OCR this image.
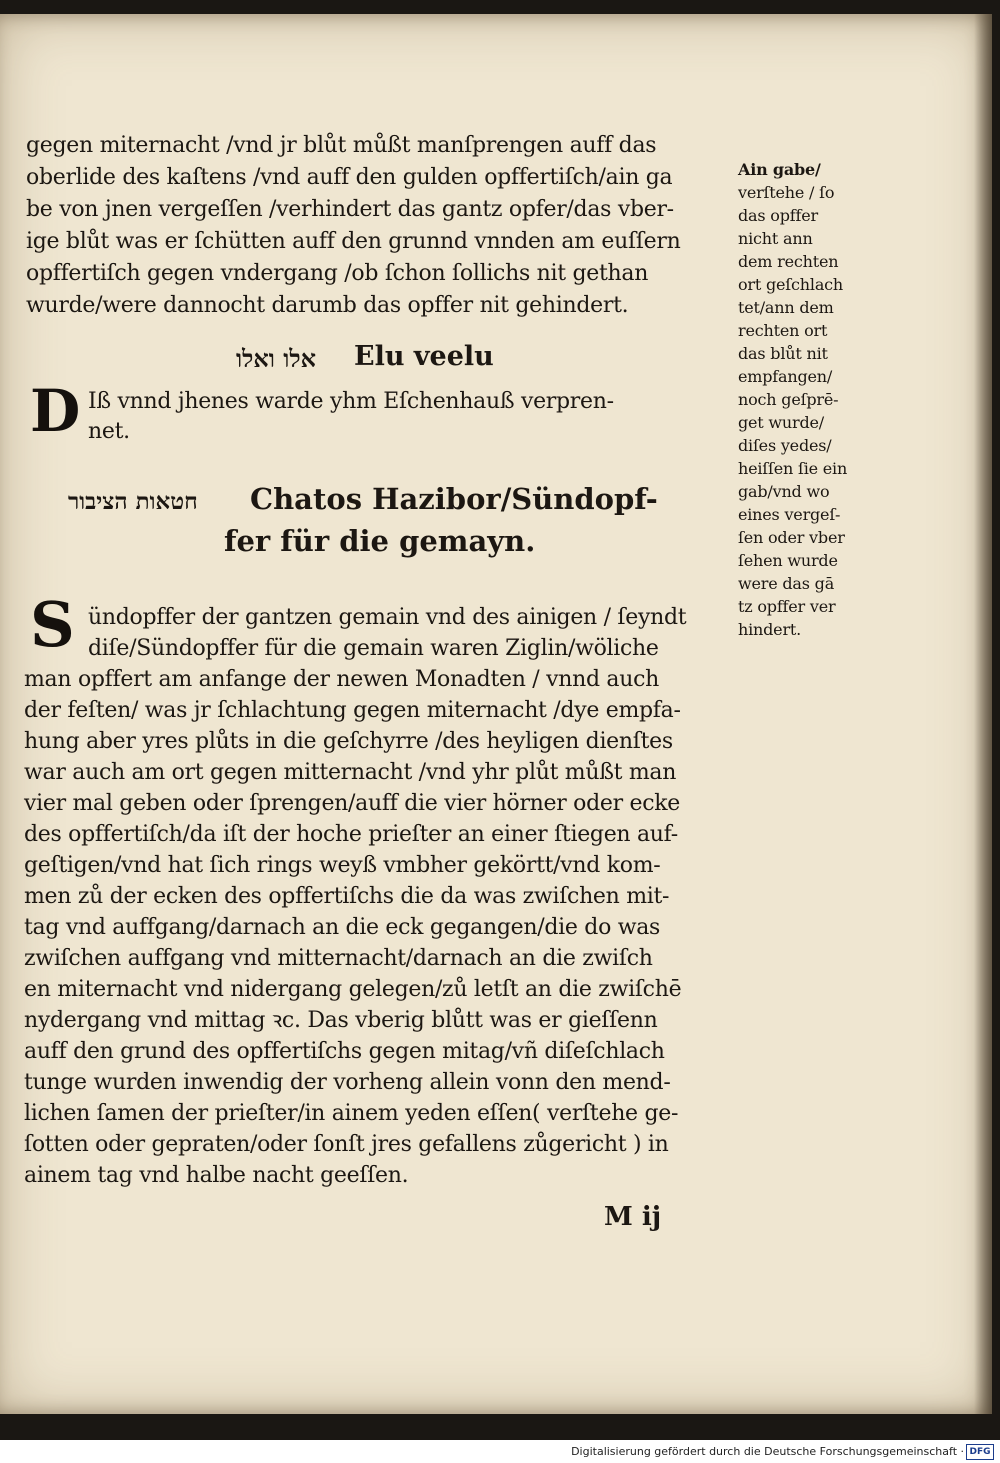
gegen miternacht /vnd jr blůt můßt manſprengen auff das
oberlide des kaſtens /vnd auff den gulden opffertiſch/ain ga
be von jnen vergeſſen /verhindert das gantz opfer/das vber-
ige blůt was er ſchütten auff den grunnd vnnden am euſſern
opffertiſch gegen vndergang /ob ſchon ſollichs nit gethan
wurde/were dannocht darumb das opffer nit gehindert.
אלו ואלו Elu veelu
D Iß vnnd jhenes warde yhm Eſchenhauß verpren-
net.
חטאות הציבור Chatos Hazibor/Sündopf-
fer für die gemayn.
S ündopffer der gantzen gemain vnd des ainigen / ſeyndt
diſe/Sündopffer für die gemain waren Ziglin/wöliche
man opffert am anfange der newen Monadten / vnnd auch
der feſten/ was jr ſchlachtung gegen miternacht /dye empfa-
hung aber yres plůts in die geſchyrre /des heyligen dienſtes
war auch am ort gegen mitternacht /vnd yhr plůt můßt man
vier mal geben oder ſprengen/auff die vier hörner oder ecke
des opffertiſch/da iſt der hoche prieſter an einer ſtiegen auf-
geſtigen/vnd hat ſich rings weyß vmbher gekörtt/vnd kom-
men zů der ecken des opffertiſchs die da was zwiſchen mit-
tag vnd auffgang/darnach an die eck gegangen/die do was
zwiſchen auffgang vnd mitternacht/darnach an die zwiſch
en miternacht vnd nidergang gelegen/zů letſt an die zwiſchē
nydergang vnd mittag ꝛc. Das vberig blůtt was er gieſſenn
auff den grund des opffertiſchs gegen mitag/vñ diſeſchlach
tunge wurden inwendig der vorheng allein vonn den mend-
lichen ſamen der prieſter/in ainem yeden eſſen( verſtehe ge-
ſotten oder gepraten/oder ſonſt jres gefallens zůgericht ) in
ainem tag vnd halbe nacht geeſſen.
M ij
Ain gabe/
verſtehe / ſo
das opffer
nicht ann
dem rechten
ort geſchlach
tet/ann dem
rechten ort
das blůt nit
empfangen/
noch geſprē-
get wurde/
diſes yedes/
heiſſen ſie ein
gab/vnd wo
eines vergeſ-
ſen oder vber
ſehen wurde
were das gā
tz opffer ver
hindert.
Digitalisierung gefördert durch die Deutsche Forschungsgemeinschaft · DFG
